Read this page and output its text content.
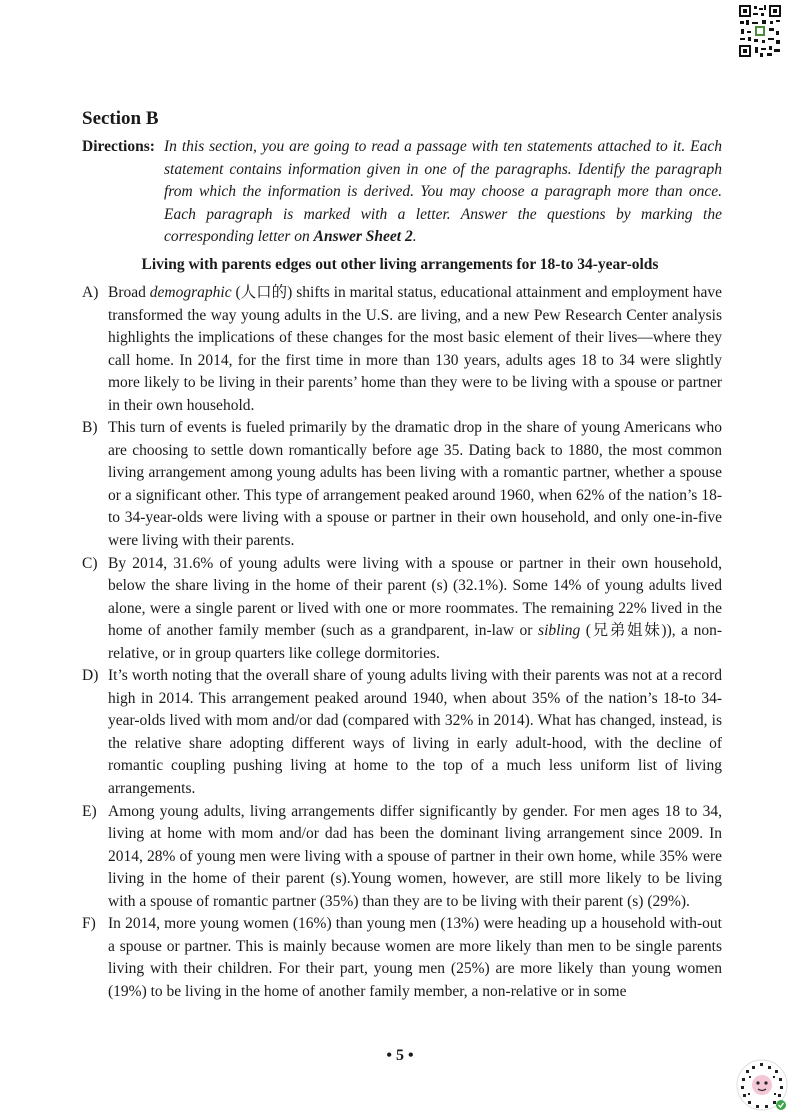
Section B
Directions: In this section, you are going to read a passage with ten statements attached to it. Each statement contains information given in one of the paragraphs. Identify the paragraph from which the information is derived. You may choose a paragraph more than once. Each paragraph is marked with a letter. Answer the questions by marking the corresponding letter on Answer Sheet 2.
Living with parents edges out other living arrangements for 18-to 34-year-olds

A) Broad demographic (人口的) shifts in marital status, educational attainment and employment have transformed the way young adults in the U.S. are living, and a new Pew Research Center analysis highlights the implications of these changes for the most basic element of their lives—where they call home. In 2014, for the first time in more than 130 years, adults ages 18 to 34 were slightly more likely to be living in their parents’ home than they were to be living with a spouse or partner in their own household.

B) This turn of events is fueled primarily by the dramatic drop in the share of young Americans who are choosing to settle down romantically before age 35. Dating back to 1880, the most common living arrangement among young adults has been living with a romantic partner, whether a spouse or a significant other. This type of arrangement peaked around 1960, when 62% of the nation’s 18- to 34-year-olds were living with a spouse or partner in their own household, and only one-in-five were living with their parents.

C) By 2014, 31.6% of young adults were living with a spouse or partner in their own household, below the share living in the home of their parent (s) (32.1%). Some 14% of young adults lived alone, were a single parent or lived with one or more roommates. The remaining 22% lived in the home of another family member (such as a grandparent, in-law or sibling (兄弟姐妹)), a non-relative, or in group quarters like college dormitories.

D) It’s worth noting that the overall share of young adults living with their parents was not at a record high in 2014. This arrangement peaked around 1940, when about 35% of the nation’s 18-to 34-year-olds lived with mom and/or dad (compared with 32% in 2014). What has changed, instead, is the relative share adopting different ways of living in early adult-hood, with the decline of romantic coupling pushing living at home to the top of a much less uniform list of living arrangements.

E) Among young adults, living arrangements differ significantly by gender. For men ages 18 to 34, living at home with mom and/or dad has been the dominant living arrangement since 2009. In 2014, 28% of young men were living with a spouse of partner in their own home, while 35% were living in the home of their parent (s).Young women, however, are still more likely to be living with a spouse of romantic partner (35%) than they are to be living with their parent (s) (29%).

F) In 2014, more young women (16%) than young men (13%) were heading up a household with-out a spouse or partner. This is mainly because women are more likely than men to be single parents living with their children. For their part, young men (25%) are more likely than young women (19%) to be living in the home of another family member, a non-relative or in some

• 5 •
